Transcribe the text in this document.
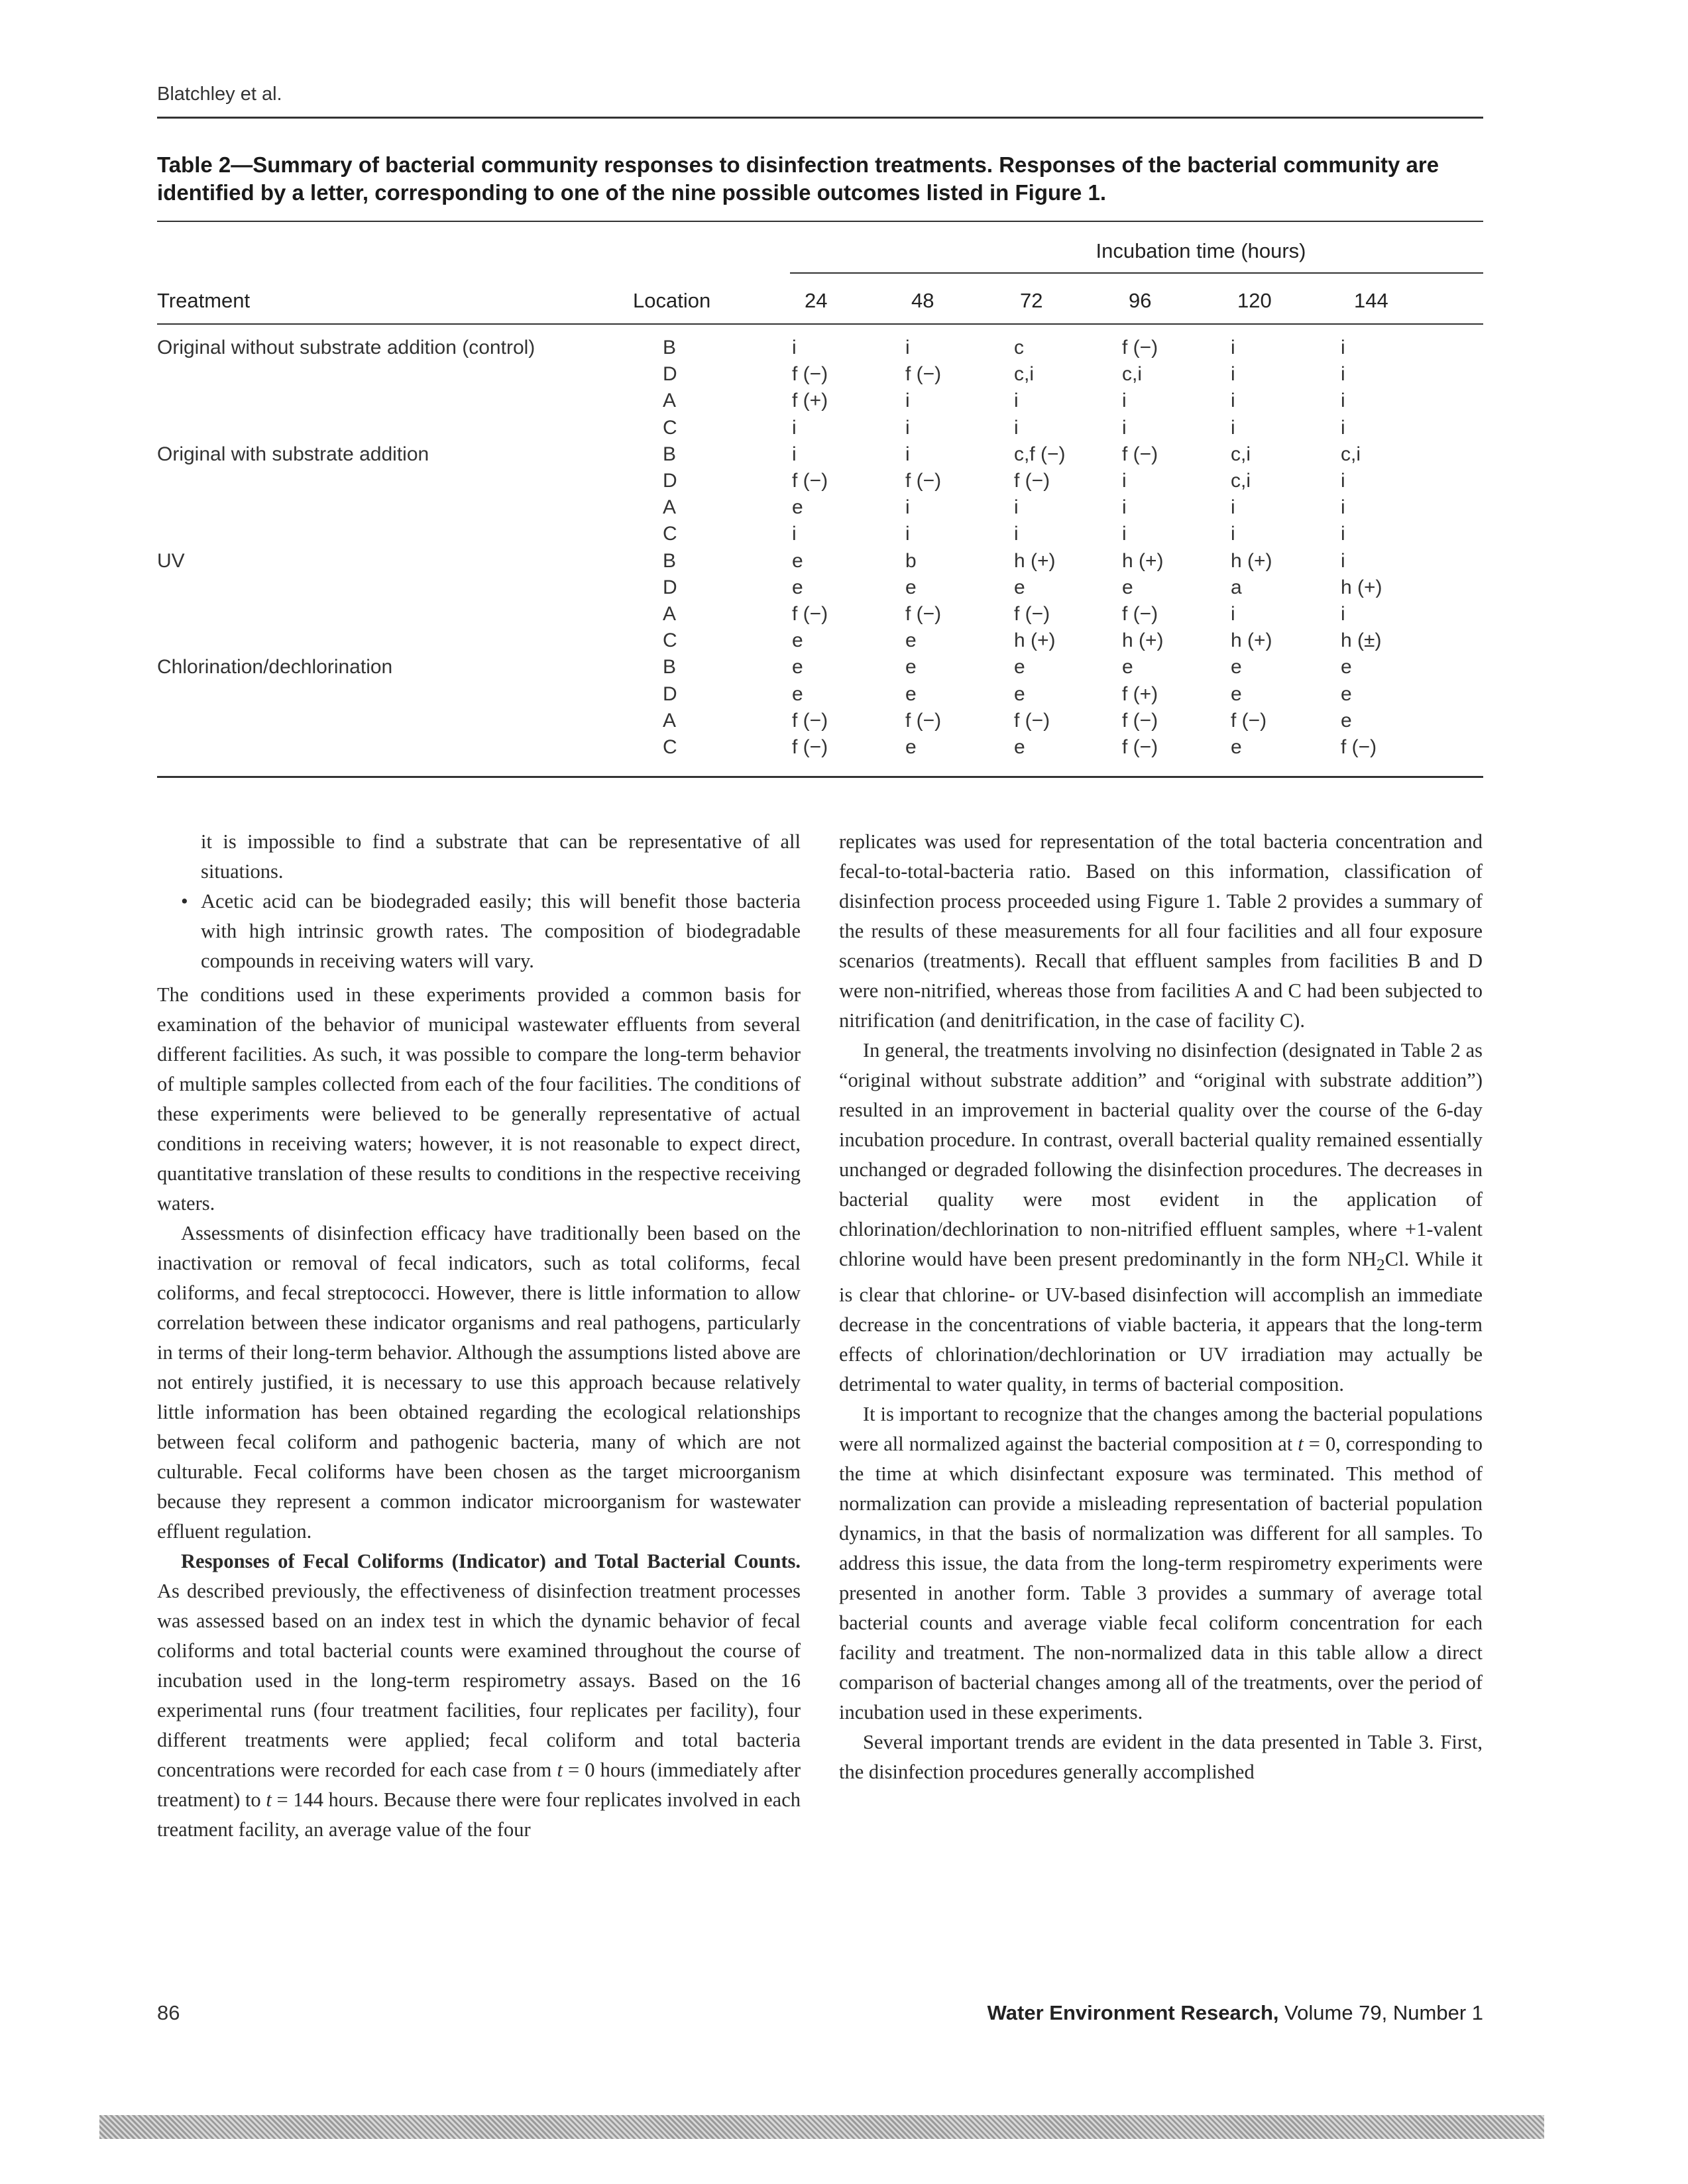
Blatchley et al.
Table 2—Summary of bacterial community responses to disinfection treatments. Responses of the bacterial community are identified by a letter, corresponding to one of the nine possible outcomes listed in Figure 1.
Incubation time (hours)
Treatment	Location	24	48	72	96	120	144
Original without substrate addition (control)	B	i	i	c	f (−)	i	i
D	f (−)	f (−)	c,i	c,i	i	i
A	f (+)	i	i	i	i	i
C	i	i	i	i	i	i
Original with substrate addition	B	i	i	c,f (−)	f (−)	c,i	c,i
D	f (−)	f (−)	f (−)	i	c,i	i
A	e	i	i	i	i	i
C	i	i	i	i	i	i
UV	B	e	b	h (+)	h (+)	h (+)	i
D	e	e	e	e	a	h (+)
A	f (−)	f (−)	f (−)	f (−)	i	i
C	e	e	h (+)	h (+)	h (+)	h (±)
Chlorination/dechlorination	B	e	e	e	e	e	e
D	e	e	e	f (+)	e	e
A	f (−)	f (−)	f (−)	f (−)	f (−)	e
C	f (−)	e	e	f (−)	e	f (−)
it is impossible to find a substrate that can be representative of all situations.
• Acetic acid can be biodegraded easily; this will benefit those bacteria with high intrinsic growth rates. The composition of biodegradable compounds in receiving waters will vary.

The conditions used in these experiments provided a common basis for examination of the behavior of municipal wastewater effluents from several different facilities. As such, it was possible to compare the long-term behavior of multiple samples collected from each of the four facilities. The conditions of these experiments were believed to be generally representative of actual conditions in receiving waters; however, it is not reasonable to expect direct, quantitative translation of these results to conditions in the respective receiving waters.

Assessments of disinfection efficacy have traditionally been based on the inactivation or removal of fecal indicators, such as total coliforms, fecal coliforms, and fecal streptococci. However, there is little information to allow correlation between these indicator organisms and real pathogens, particularly in terms of their long-term behavior. Although the assumptions listed above are not entirely justified, it is necessary to use this approach because relatively little information has been obtained regarding the ecological relationships between fecal coliform and pathogenic bacteria, many of which are not culturable. Fecal coliforms have been chosen as the target microorganism because they represent a common indicator microorganism for wastewater effluent regulation.

Responses of Fecal Coliforms (Indicator) and Total Bacterial Counts. As described previously, the effectiveness of disinfection treatment processes was assessed based on an index test in which the dynamic behavior of fecal coliforms and total bacterial counts were examined throughout the course of incubation used in the long-term respirometry assays. Based on the 16 experimental runs (four treatment facilities, four replicates per facility), four different treatments were applied; fecal coliform and total bacteria concentrations were recorded for each case from t = 0 hours (immediately after treatment) to t = 144 hours. Because there were four replicates involved in each treatment facility, an average value of the four

replicates was used for representation of the total bacteria concentration and fecal-to-total-bacteria ratio. Based on this information, classification of disinfection process proceeded using Figure 1. Table 2 provides a summary of the results of these measurements for all four facilities and all four exposure scenarios (treatments). Recall that effluent samples from facilities B and D were non-nitrified, whereas those from facilities A and C had been subjected to nitrification (and denitrification, in the case of facility C).

In general, the treatments involving no disinfection (designated in Table 2 as “original without substrate addition” and “original with substrate addition”) resulted in an improvement in bacterial quality over the course of the 6-day incubation procedure. In contrast, overall bacterial quality remained essentially unchanged or degraded following the disinfection procedures. The decreases in bacterial quality were most evident in the application of chlorination/dechlorination to non-nitrified effluent samples, where +1-valent chlorine would have been present predominantly in the form $NH_2Cl$. While it is clear that chlorine- or UV-based disinfection will accomplish an immediate decrease in the concentrations of viable bacteria, it appears that the long-term effects of chlorination/dechlorination or UV irradiation may actually be detrimental to water quality, in terms of bacterial composition.

It is important to recognize that the changes among the bacterial populations were all normalized against the bacterial composition at t = 0, corresponding to the time at which disinfectant exposure was terminated. This method of normalization can provide a misleading representation of bacterial population dynamics, in that the basis of normalization was different for all samples. To address this issue, the data from the long-term respirometry experiments were presented in another form. Table 3 provides a summary of average total bacterial counts and average viable fecal coliform concentration for each facility and treatment. The non-normalized data in this table allow a direct comparison of bacterial changes among all of the treatments, over the period of incubation used in these experiments.

Several important trends are evident in the data presented in Table 3. First, the disinfection procedures generally accomplished

86	Water Environment Research, Volume 79, Number 1
